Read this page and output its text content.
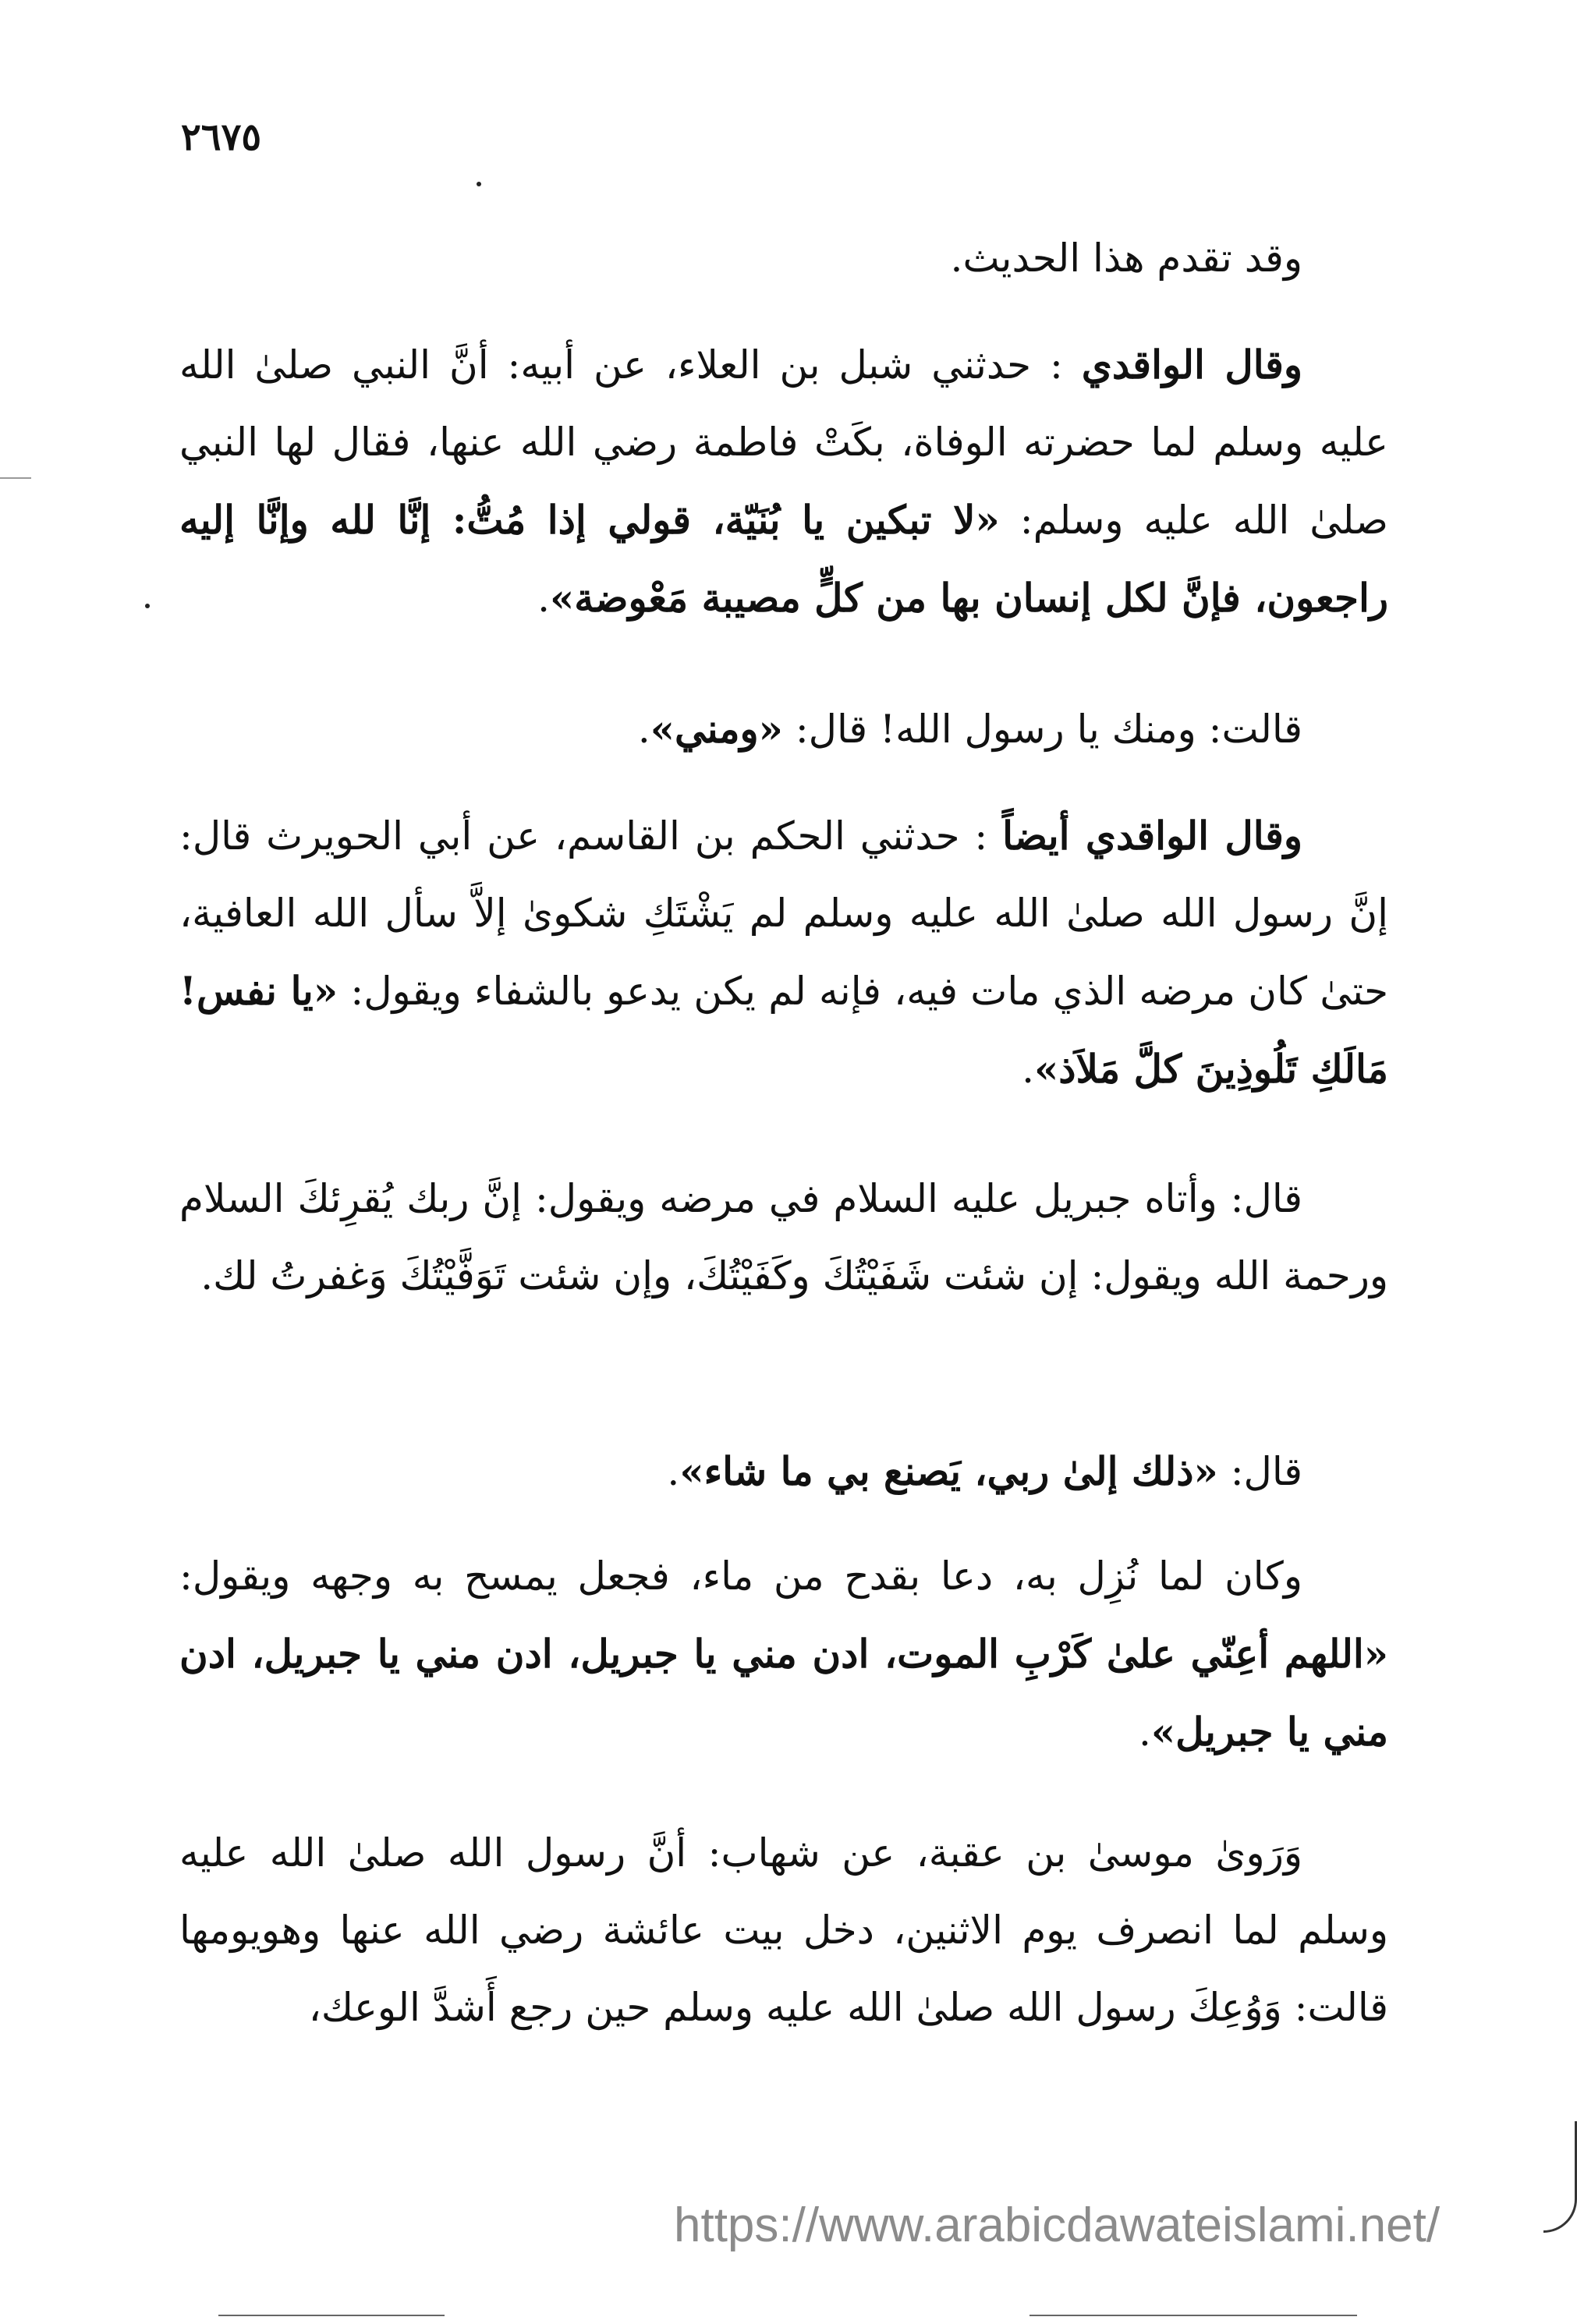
٢٦٧٥

وقد تقدم هذا الحديث.

وقال الواقدي : حدثني شبل بن العلاء، عن أبيه: أنَّ النبي صلىٰ الله عليه وسلم لما حضرته الوفاة، بكَتْ فاطمة رضي الله عنها، فقال لها النبي صلىٰ الله عليه وسلم: «لا تبكين يا بُنَيّة، قولي إذا مُتُّ: إنَّا لله وإنَّا إليه راجعون، فإنَّ لكل إنسان بها من كلٍّ مصيبة مَعْوضة».

قالت: ومنك يا رسول الله! قال: «ومني».

وقال الواقدي أيضاً : حدثني الحكم بن القاسم، عن أبي الحويرث قال: إنَّ رسول الله صلىٰ الله عليه وسلم لم يَشْتَكِ شكوىٰ إلاَّ سأل الله العافية، حتىٰ كان مرضه الذي مات فيه، فإنه لم يكن يدعو بالشفاء ويقول: «يا نفس! مَالَكِ تَلُوذِينَ كلَّ مَلاَذ».

قال: وأتاه جبريل عليه السلام في مرضه ويقول: إنَّ ربك يُقرِئكَ السلام ورحمة الله ويقول: إن شئت شَفَيْتُكَ وكَفَيْتُكَ، وإن شئت تَوَفَّيْتُكَ وَغفرتُ لك.

قال: «ذلك إلىٰ ربي، يَصنع بي ما شاء».

وكان لما نُزِل به، دعا بقدح من ماء، فجعل يمسح به وجهه ويقول: «اللهم أعِنّي علىٰ كَرْبِ الموت، ادن مني يا جبريل، ادن مني يا جبريل، ادن مني يا جبريل».

وَرَوىٰ موسىٰ بن عقبة، عن شهاب: أنَّ رسول الله صلىٰ الله عليه وسلم لما انصرف يوم الاثنين، دخل بيت عائشة رضي الله عنها وهويومها قالت: وَوُعِكَ رسول الله صلىٰ الله عليه وسلم حين رجع أَشدَّ الوعك،

https://www.arabicdawateislami.net/
